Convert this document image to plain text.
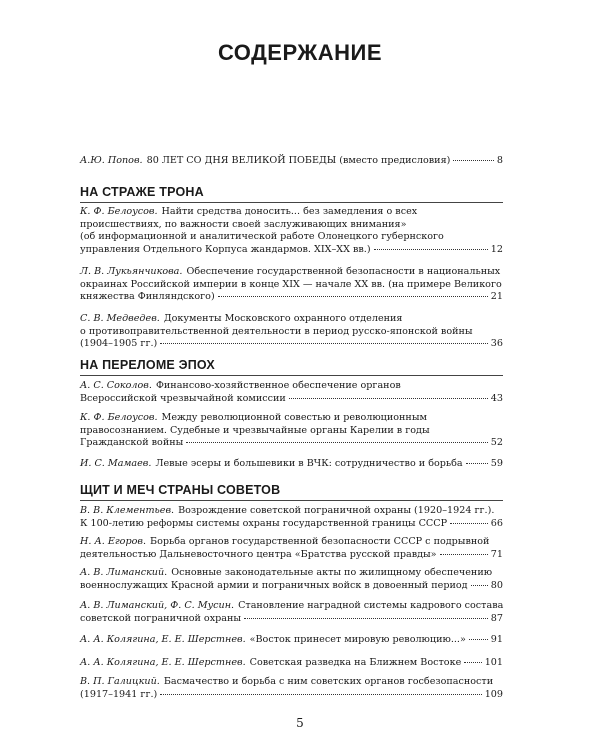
СОДЕРЖАНИЕ
А.Ю. Попов. 80 ЛЕТ СО ДНЯ ВЕЛИКОЙ ПОБЕДЫ (вместо предисловия)	8
НА СТРАЖЕ ТРОНА
К. Ф. Белоусов. Найти средства доносить... без замедления о всех
происшествиях, по важности своей заслуживающих внимания»
(об информационной и аналитической работе Олонецкого губернского
управления Отдельного Корпуса жандармов. XIX–XX вв.)	12
Л. В. Лукьянчикова. Обеспечение государственной безопасности в национальных
окраинах Российской империи в конце XIX — начале XX вв. (на примере Великого
княжества Финляндского)	21
С. В. Медведев. Документы Московского охранного отделения
о противоправительственной деятельности в период русско-японской войны
(1904–1905 гг.)	36
НА ПЕРЕЛОМЕ ЭПОХ
А. С. Соколов. Финансово-хозяйственное обеспечение органов
Всероссийской чрезвычайной комиссии	43
К. Ф. Белоусов. Между революционной совестью и революционным
правосознанием. Судебные и чрезвычайные органы Карелии в годы
Гражданской войны	52
И. С. Мамаев. Левые эсеры и большевики в ВЧК: сотрудничество и борьба	59
ЩИТ И МЕЧ СТРАНЫ СОВЕТОВ
В. В. Клементьев. Возрождение советской пограничной охраны (1920–1924 гг.).
К 100-летию реформы системы охраны государственной границы СССР	66
Н. А. Егоров. Борьба органов государственной безопасности СССР с подрывной
деятельностью Дальневосточного центра «Братства русской правды»	71
А. В. Лиманский. Основные законодательные акты по жилищному обеспечению
военнослужащих Красной армии и пограничных войск в довоенный период 80
А. В. Лиманский, Ф. С. Мусин. Становление наградной системы кадрового состава
советской пограничной охраны	87
А. А. Колягина, Е. Е. Шерстнев. «Восток принесет мировую революцию...»	91
А. А. Колягина, Е. Е. Шерстнев. Советская разведка на Ближнем Востоке 101
В. П. Галицкий. Басмачество и борьба с ним советских органов госбезопасности
(1917–1941 гг.)	109
5
